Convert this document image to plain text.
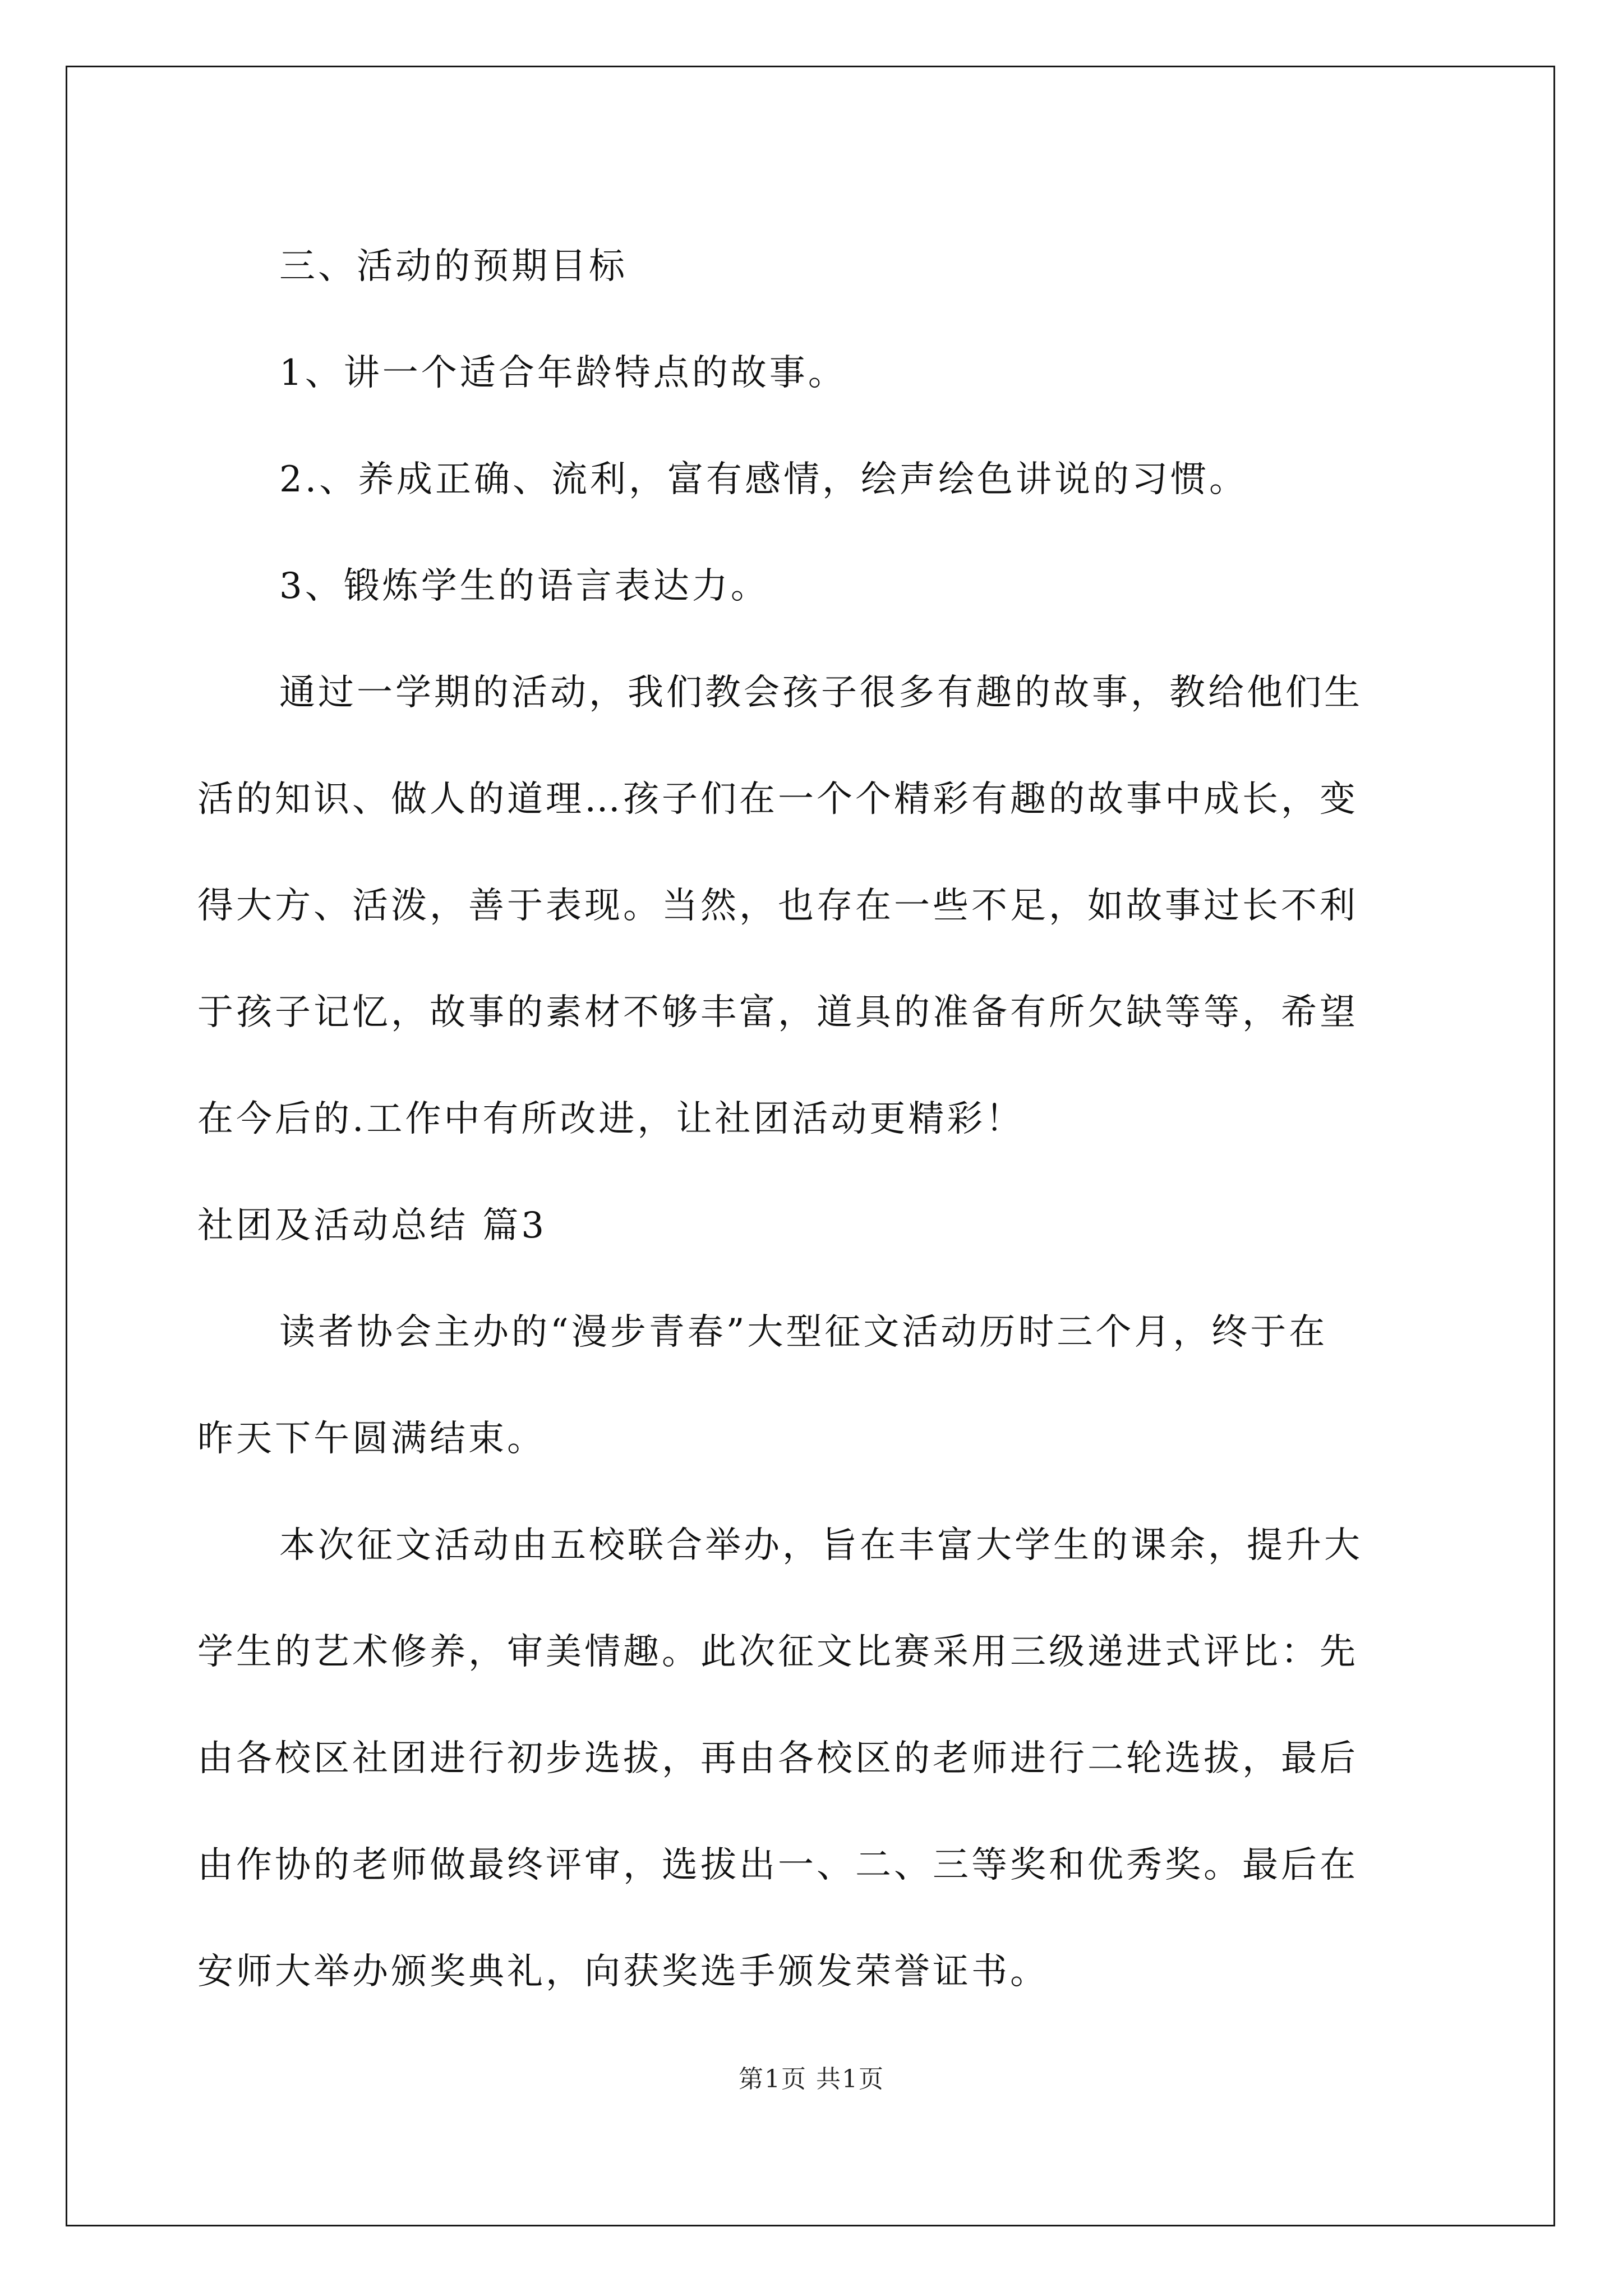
三、活动的预期目标

1、讲一个适合年龄特点的故事。

2.、养成正确、流利，富有感情，绘声绘色讲说的习惯。

3、锻炼学生的语言表达力。

通过一学期的活动，我们教会孩子很多有趣的故事，教给他们生

活的知识、做人的道理…孩子们在一个个精彩有趣的故事中成长，变

得大方、活泼，善于表现。当然，也存在一些不足，如故事过长不利

于孩子记忆，故事的素材不够丰富，道具的准备有所欠缺等等，希望

在今后的.工作中有所改进，让社团活动更精彩！

社团及活动总结 篇3

读者协会主办的“漫步青春”大型征文活动历时三个月，终于在

昨天下午圆满结束。

本次征文活动由五校联合举办，旨在丰富大学生的课余，提升大

学生的艺术修养，审美情趣。此次征文比赛采用三级递进式评比：先

由各校区社团进行初步选拔，再由各校区的老师进行二轮选拔，最后

由作协的老师做最终评审，选拔出一、二、三等奖和优秀奖。最后在

安师大举办颁奖典礼，向获奖选手颁发荣誉证书。

第1页 共1页
